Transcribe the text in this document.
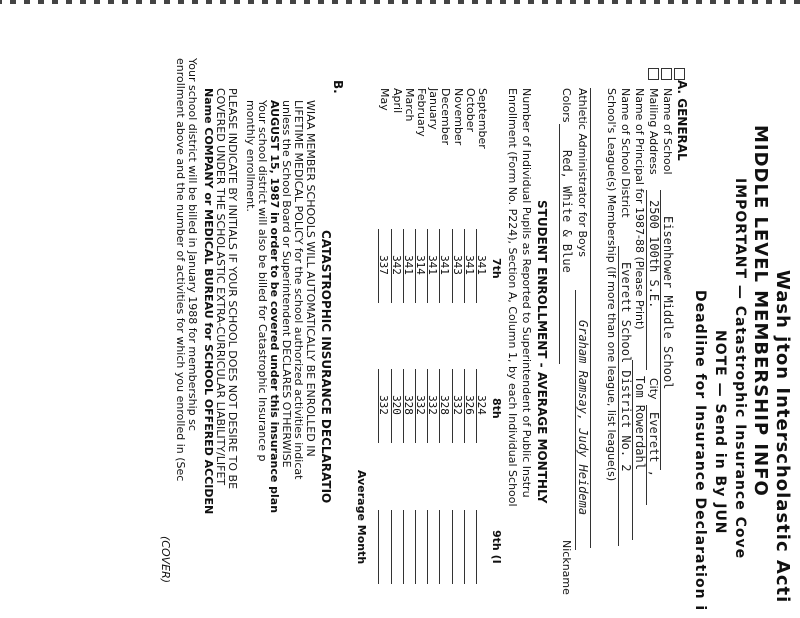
Wash jton Interscholastic Acti
MIDDLE LEVEL MEMBERSHIP INFO
IMPORTANT — Catastrophic Insurance Cove
NOTE — Send in By JUN
Deadline for Insurance Declaration i
A. GENERAL
Name of School
Eisenhower Middle School
Mailing Address
2500 100th S.E.
City
Everett ,
Name of Principal for 1987-88 (Please Print)
Tom Rowerdahl
Name of School District
Everett School District No. 2
School's League(s) Membership (If more than one league, list league(s)
Athletic Administrator for Boys
Graham Ramsay, Judy Heidema
Colors
Red, White & Blue
Nickname
STUDENT ENROLLMENT - AVERAGE MONTHLY
Number of Individual Pupils as Reported to Superintendent of Public Instru
Enrollment (Form No. P224), Section A, Column 1, by each Individual School
7th
8th
9th (I
September
341
324
October
341
326
November
343
332
December
341
328
January
341
332
February
314
332
March
341
328
April
342
320
May
337
332
Average Month
B.
CATASTROPHIC INSURANCE DECLARATIO
WIAA MEMBER SCHOOLS WILL AUTOMATICALLY BE ENROLLED IN
LIFETIME MEDICAL POLICY for the school authorized activities indicat
unless the School Board or Superintendent DECLARES OTHERWISE
AUGUST 15, 1987 in order to be covered under this insurance plan
Your school district will also be billed for Catastrophic Insurance p
monthly enrollment.
PLEASE INDICATE BY INITIALS IF YOUR SCHOOL DOES NOT DESIRE TO BE
COVERED UNDER THE SCHOLASTIC EXTRA-CURRICULAR LIABILITY/LIFET
Name COMPANY or MEDICAL BUREAU for SCHOOL OFFERED ACCIDEN
Your school district will be billed in January 1988 for membership sc
enrollment above and the number of activities for which you enrolled in (Sec
(COVER)
